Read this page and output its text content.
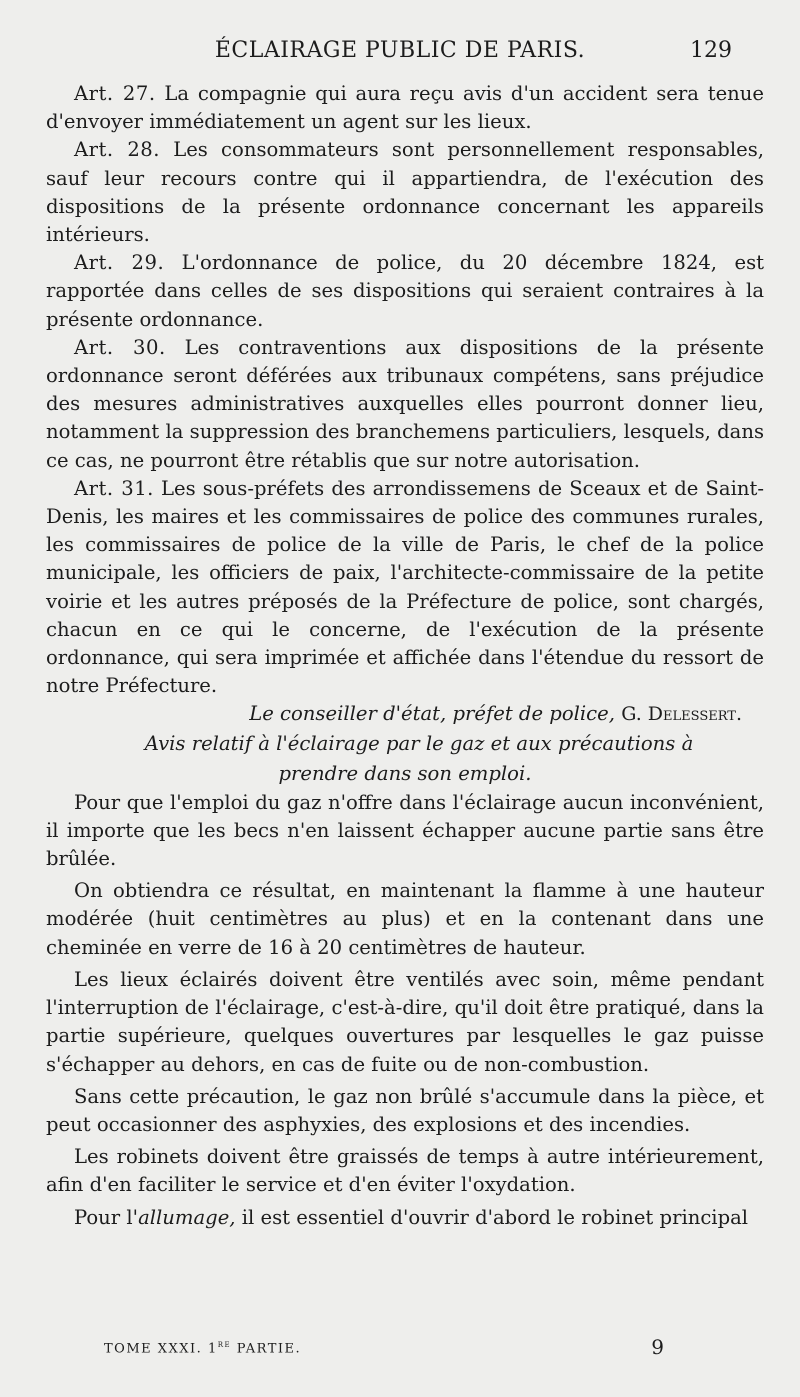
ÉCLAIRAGE PUBLIC DE PARIS.	129

Art. 27. La compagnie qui aura reçu avis d'un accident sera tenue d'envoyer immédiatement un agent sur les lieux.

Art. 28. Les consommateurs sont personnellement responsables, sauf leur recours contre qui il appartiendra, de l'exécution des dispositions de la présente ordonnance concernant les appareils intérieurs.

Art. 29. L'ordonnance de police, du 20 décembre 1824, est rapportée dans celles de ses dispositions qui seraient contraires à la présente ordonnance.

Art. 30. Les contraventions aux dispositions de la présente ordonnance seront déférées aux tribunaux compétens, sans préjudice des mesures administratives auxquelles elles pourront donner lieu, notamment la suppression des branchemens particuliers, lesquels, dans ce cas, ne pourront être rétablis que sur notre autorisation.

Art. 31. Les sous-préfets des arrondissemens de Sceaux et de Saint-Denis, les maires et les commissaires de police des communes rurales, les commissaires de police de la ville de Paris, le chef de la police municipale, les officiers de paix, l'architecte-commissaire de la petite voirie et les autres préposés de la Préfecture de police, sont chargés, chacun en ce qui le concerne, de l'exécution de la présente ordonnance, qui sera imprimée et affichée dans l'étendue du ressort de notre Préfecture.

Le conseiller d'état, préfet de police, G. Delessert.

Avis relatif à l'éclairage par le gaz et aux précautions à prendre dans son emploi.

Pour que l'emploi du gaz n'offre dans l'éclairage aucun inconvénient, il importe que les becs n'en laissent échapper aucune partie sans être brûlée.

On obtiendra ce résultat, en maintenant la flamme à une hauteur modérée (huit centimètres au plus) et en la contenant dans une cheminée en verre de 16 à 20 centimètres de hauteur.

Les lieux éclairés doivent être ventilés avec soin, même pendant l'interruption de l'éclairage, c'est-à-dire, qu'il doit être pratiqué, dans la partie supérieure, quelques ouvertures par lesquelles le gaz puisse s'échapper au dehors, en cas de fuite ou de non-combustion.

Sans cette précaution, le gaz non brûlé s'accumule dans la pièce, et peut occasionner des asphyxies, des explosions et des incendies.

Les robinets doivent être graissés de temps à autre intérieurement, afin d'en faciliter le service et d'en éviter l'oxydation.

Pour l'allumage, il est essentiel d'ouvrir d'abord le robinet principal

TOME XXXI. 1re PARTIE.	9
